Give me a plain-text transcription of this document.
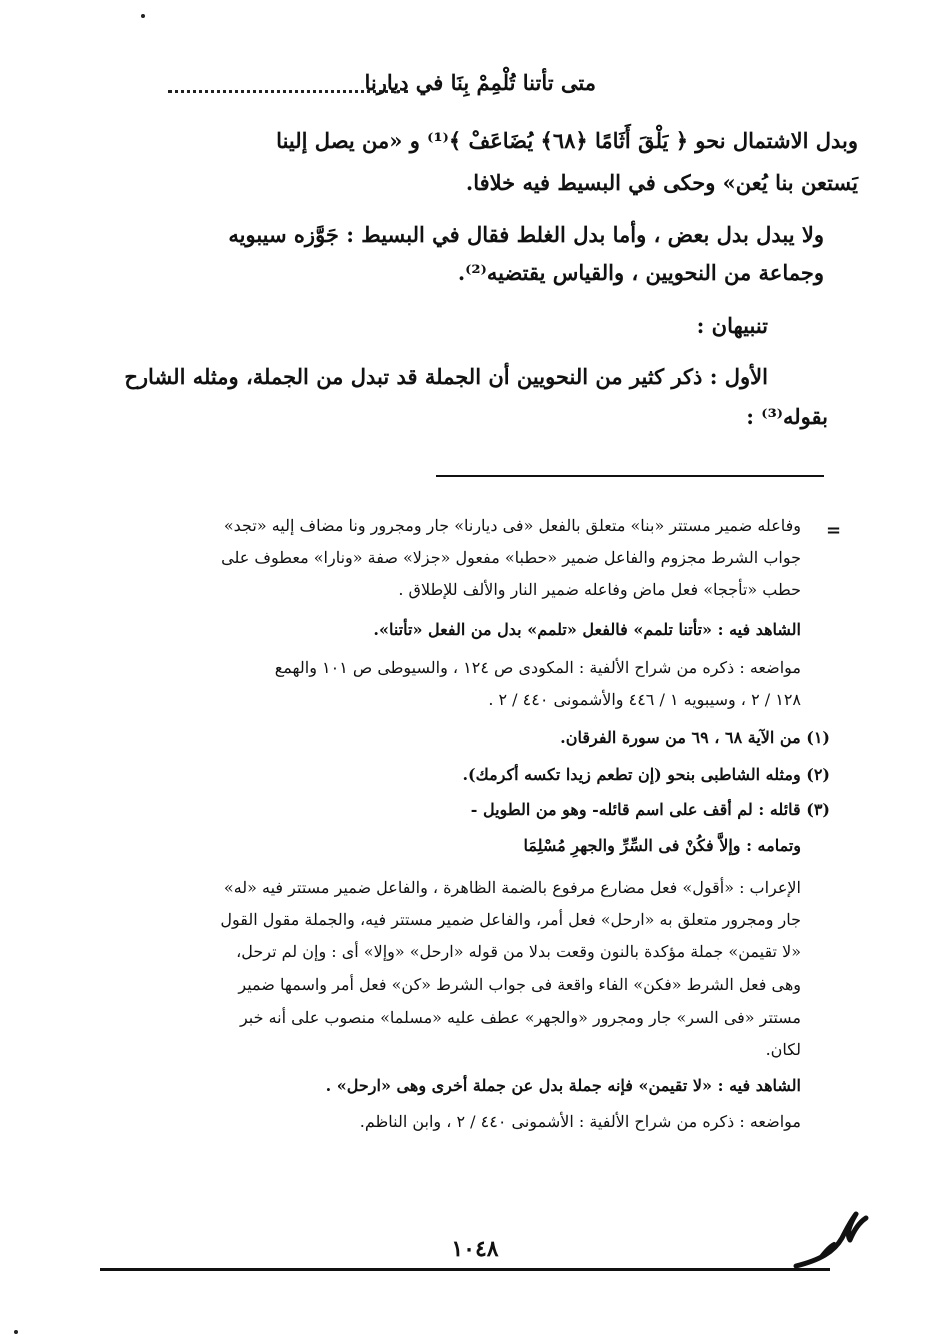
متى تأتنا تُلْمِمْ بِنَا في ديارنا
وبدل الاشتمال نحو ﴿ يَلْقَ أَثَامًا ﴿٦٨﴾ يُضَاعَفْ ﴾⁽¹⁾ و «من يصل إلينا
يَستعن بنا يُعن» وحكى في البسيط فيه خلافا.
ولا يبدل بدل بعض ، وأما بدل الغلط فقال في البسيط : جَوَّزه سيبويه
وجماعة من النحويين ، والقياس يقتضيه⁽²⁾.
تنبيهان :
الأول : ذكر كثير من النحويين أن الجملة قد تبدل من الجملة، ومثله الشارح
بقوله⁽³⁾ :
=
وفاعله ضمير مستتر «بنا» متعلق بالفعل «فى ديارنا» جار ومجرور ونا مضاف إليه «تجد»
جواب الشرط مجزوم والفاعل ضمير «حطبا» مفعول «جزلا» صفة «ونارا» معطوف على
حطب «تأججا» فعل ماض وفاعله ضمير النار والألف للإطلاق .
الشاهد فيه : «تأتنا تلمم» فالفعل «تلمم» بدل من الفعل «تأتنا».
مواضعه : ذكره من شراح الألفية : المكودى ص ١٢٤ ، والسيوطى ص ١٠١ والهمع
١٢٨ / ٢ ، وسيبويه ١ / ٤٤٦ والأشمونى ٤٤٠ / ٢ .
(١) من الآية ٦٨ ، ٦٩ من سورة الفرقان.
(٢) ومثله الشاطبى بنحو (إن تطعم زيدا تكسه أكرمك).
(٣) قائله : لم أقف على اسم قائله- وهو من الطويل -
وتمامه : وإلاَّ فكُنْ فى السِّرِّ والجهرِ مُسْلِمَا
الإعراب : «أقول» فعل مضارع مرفوع بالضمة الظاهرة ، والفاعل ضمير مستتر فيه «له»
جار ومجرور متعلق به «ارحل» فعل أمر، والفاعل ضمير مستتر فيه، والجملة مقول القول
«لا تقيمن» جملة مؤكدة بالنون وقعت بدلا من قوله «ارحل» «وإلا» أى : وإن لم ترحل،
وهى فعل الشرط «فكن» الفاء واقعة فى جواب الشرط «كن» فعل أمر واسمها ضمير
مستتر «فى السر» جار ومجرور «والجهر» عطف عليه «مسلما» منصوب على أنه خبر
لكان.
الشاهد فيه : «لا تقيمن» فإنه جملة بدل عن جملة أخرى وهى «ارحل» .
مواضعه : ذكره من شراح الألفية : الأشمونى ٤٤٠ / ٢ ، وابن الناظم.
١٠٤٨
